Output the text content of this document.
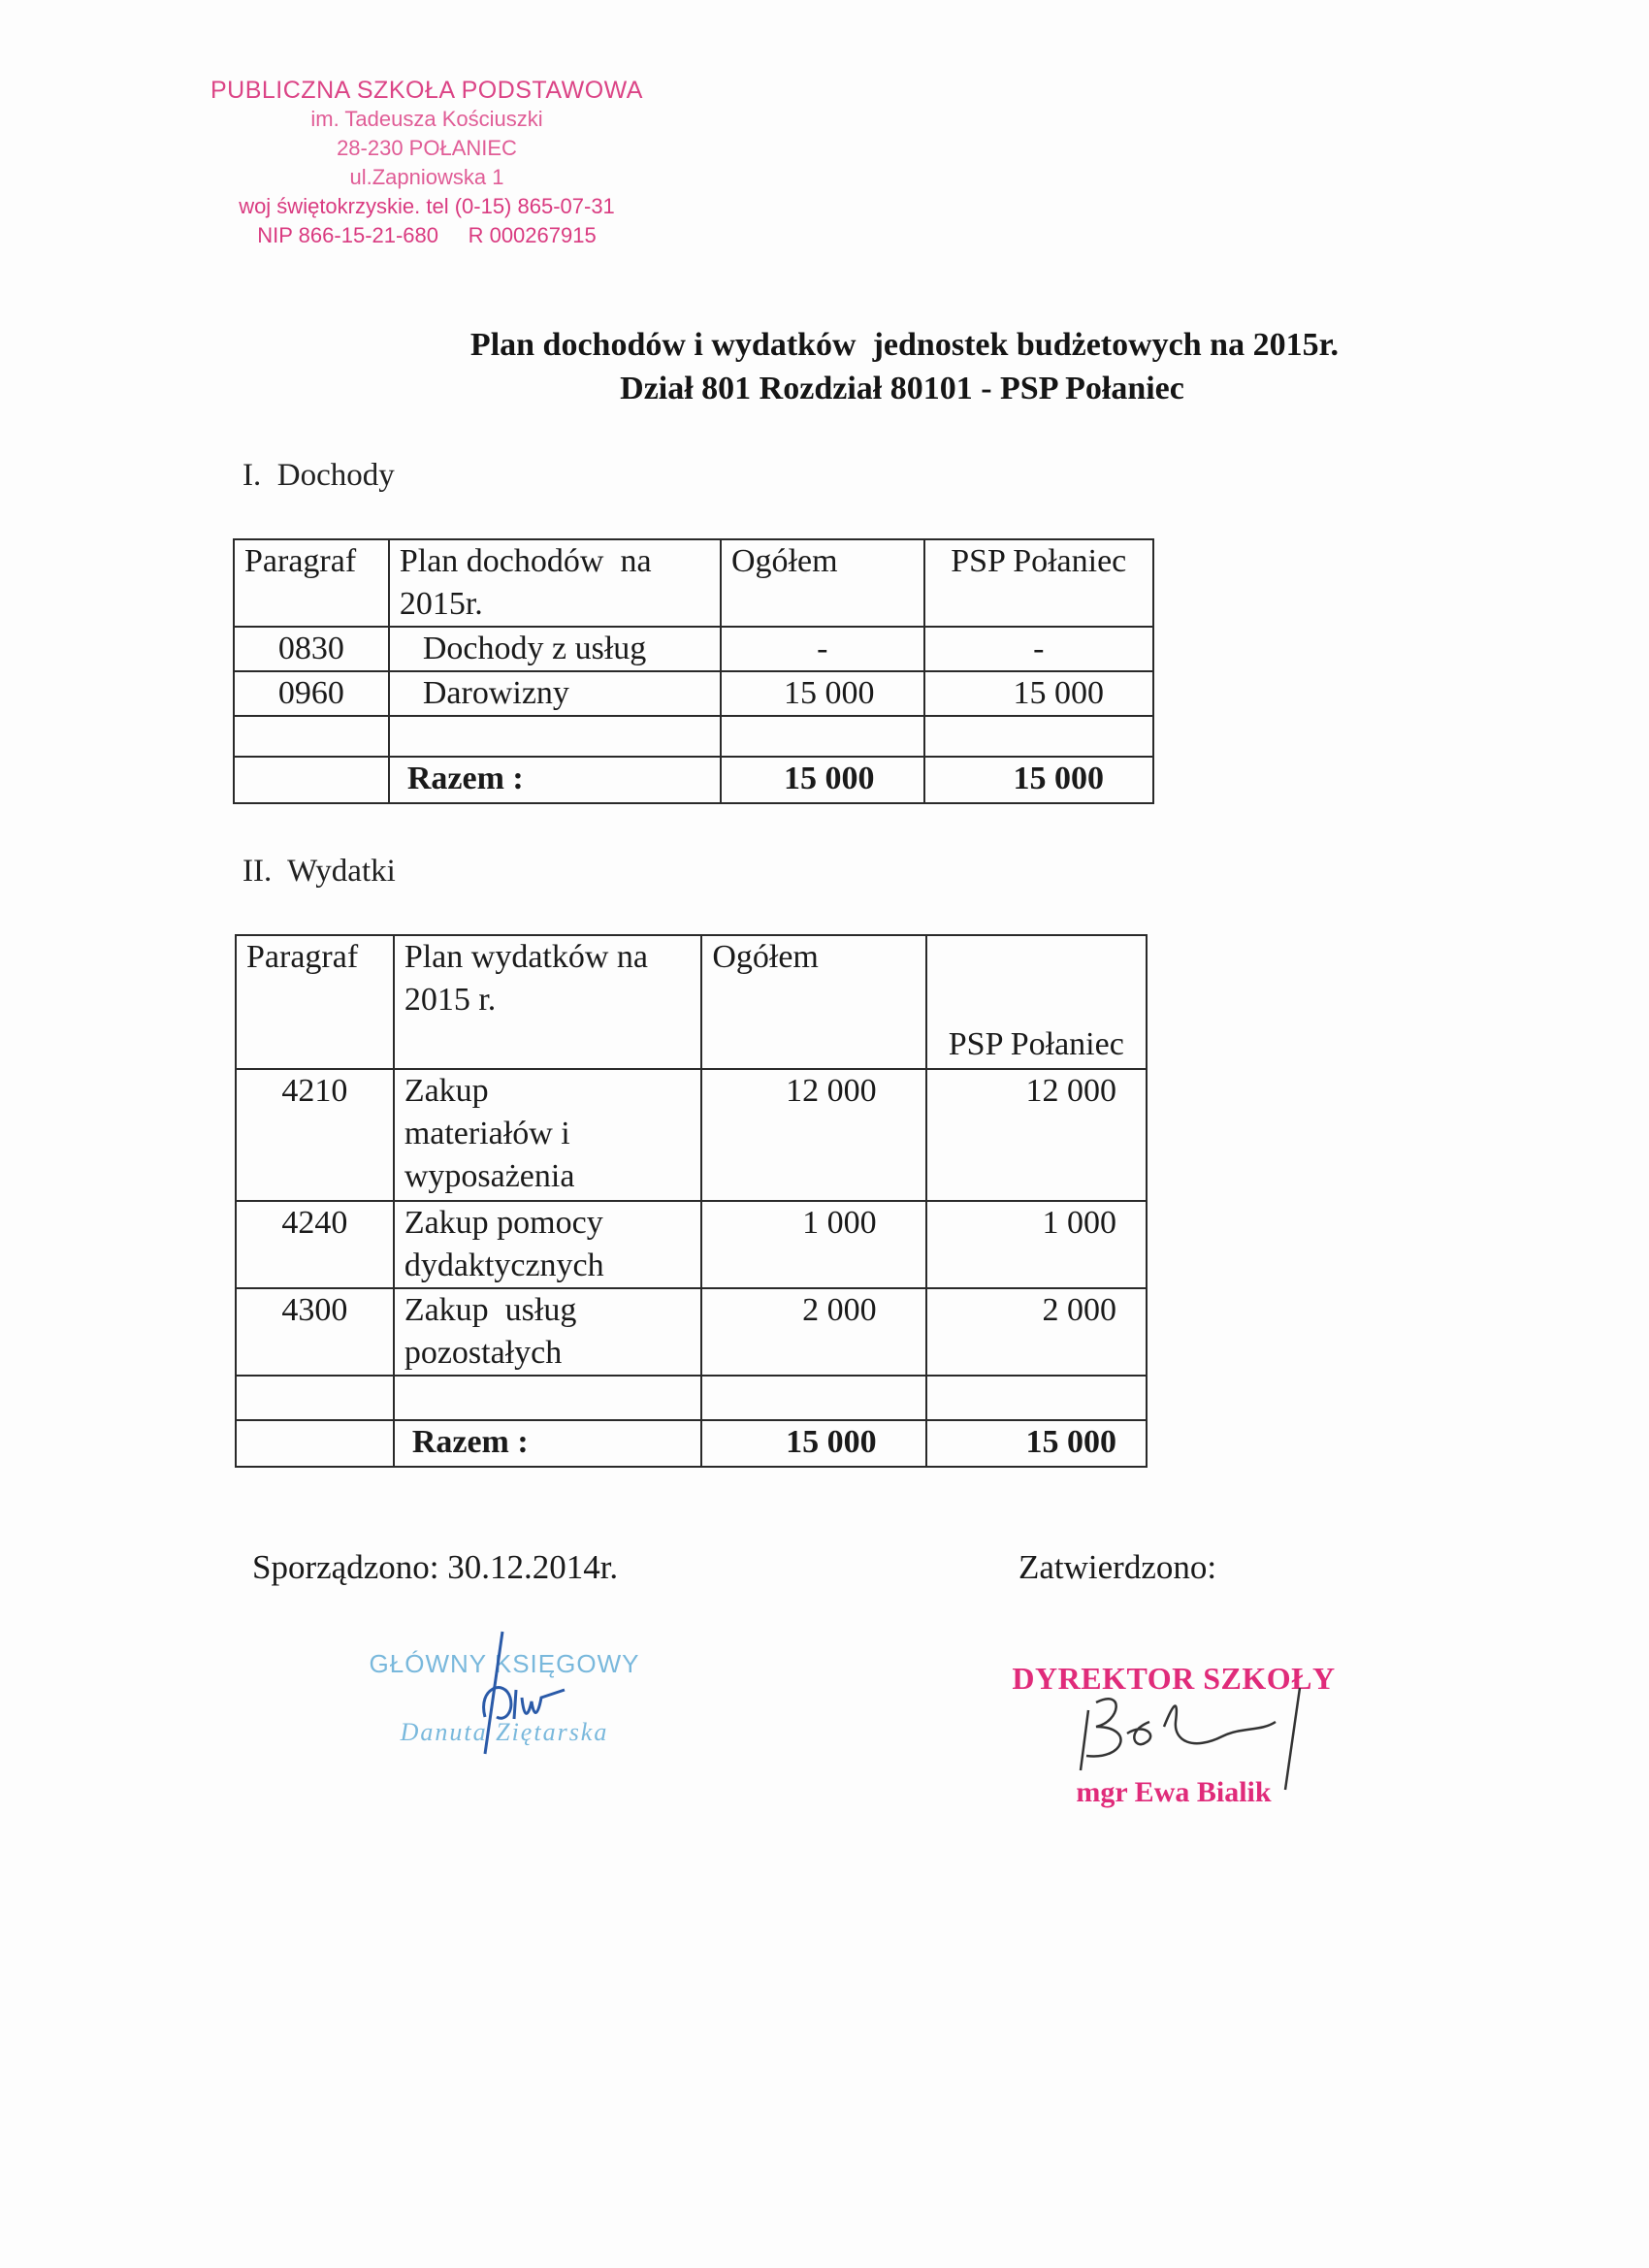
PUBLICZNA SZKOŁA PODSTAWOWA
im. Tadeusza Kościuszki
28-230 POŁANIEC
ul.Zapniowska 1
woj świętokrzyskie. tel (0-15) 865-07-31
NIP 866-15-21-680     R 000267915
Plan dochodów i wydatków  jednostek budżetowych na 2015r.
Dział 801 Rozdział 80101 - PSP Połaniec
I.  Dochody
Paragraf	Plan dochodów  na 2015r.	Ogółem	PSP Połaniec
0830	Dochody z usług	-	-
0960	Darowizny	15 000	15 000

	Razem :	15 000	15 000
II.  Wydatki
Paragraf	Plan wydatków na 2015 r.	Ogółem	PSP Połaniec
4210	Zakup materiałów i wyposażenia	12 000	12 000
4240	Zakup pomocy dydaktycznych	1 000	1 000
4300	Zakup  usług pozostałych	2 000	2 000

	Razem :	15 000	15 000
Sporządzono: 30.12.2014r.	Zatwierdzono:
GŁÓWNY KSIĘGOWY
Danuta Ziętarska
DYREKTOR SZKOŁY
mgr Ewa Bialik
